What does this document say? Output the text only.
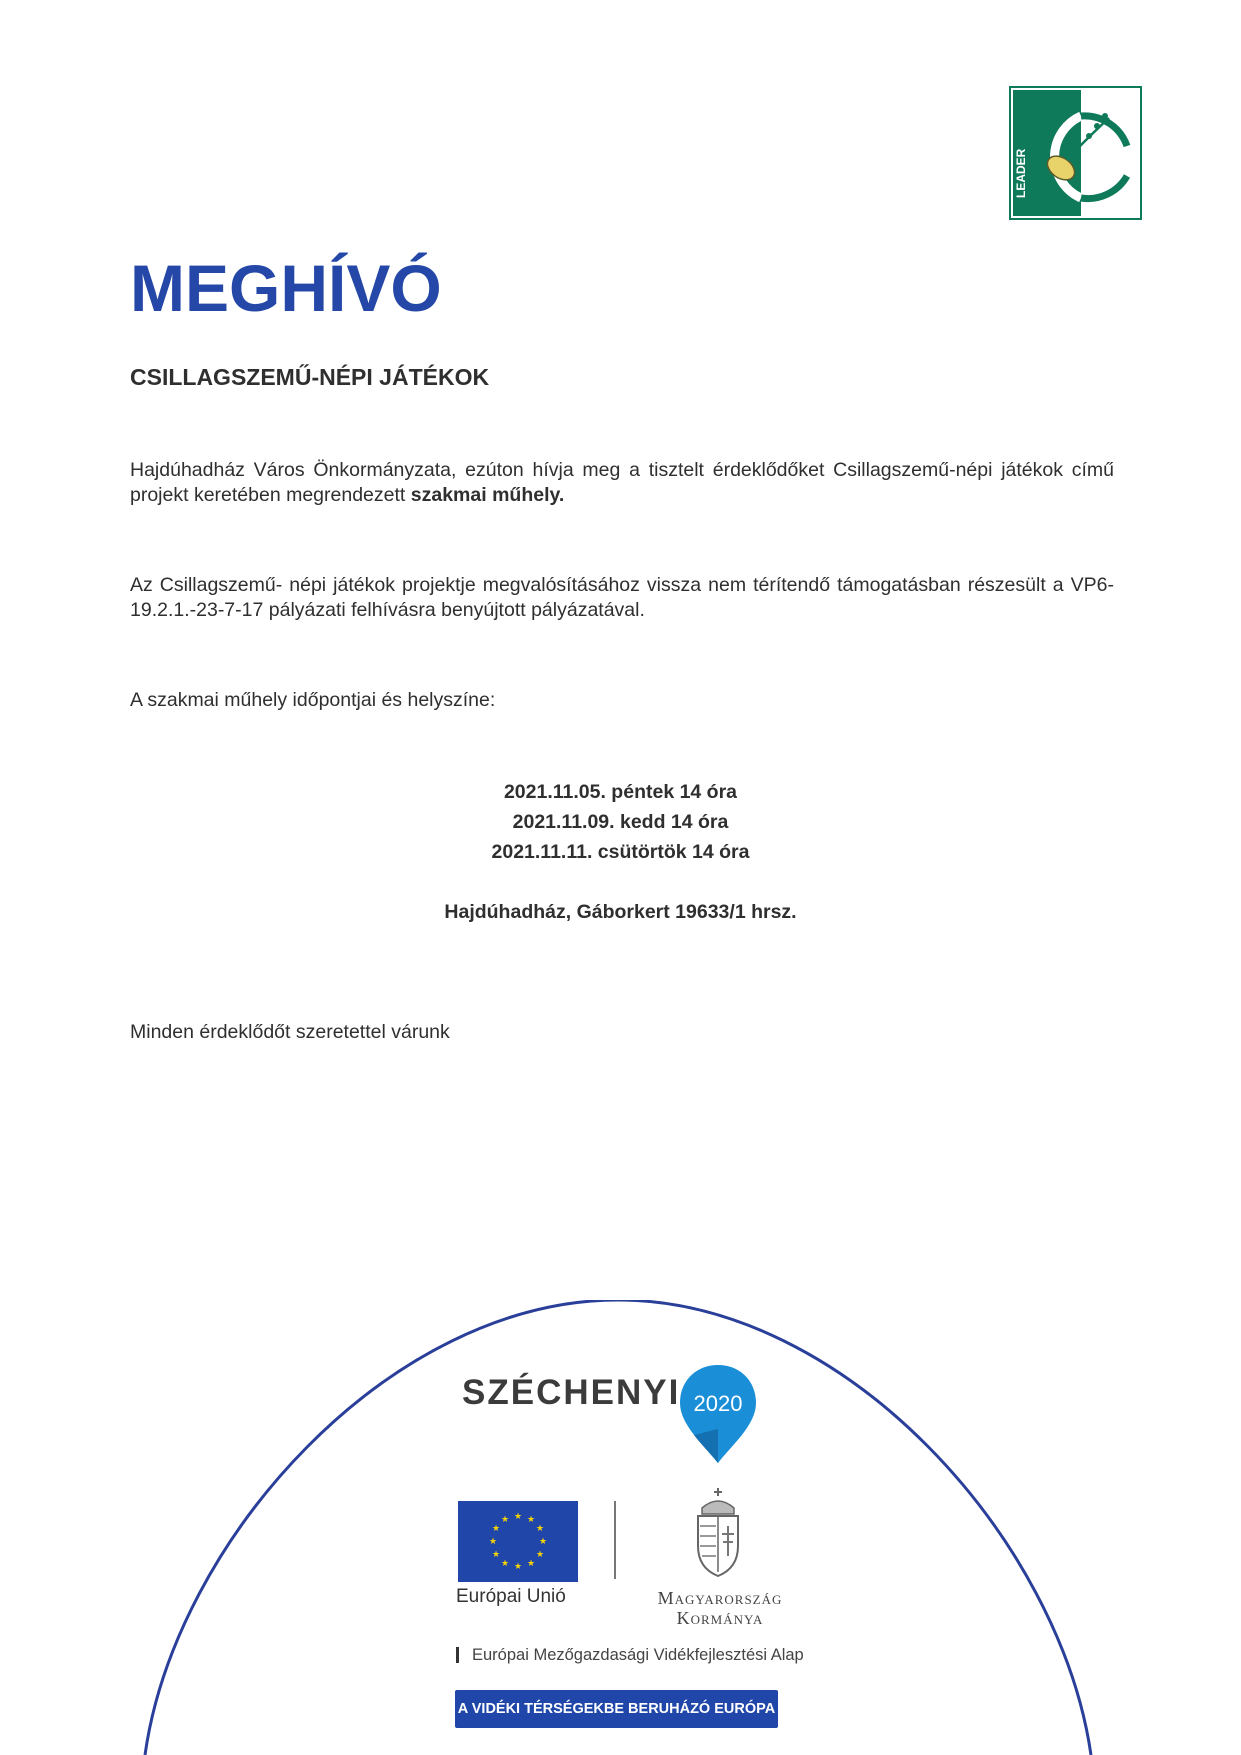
LEADER
MEGHÍVÓ
CSILLAGSZEMŰ-NÉPI JÁTÉKOK

Hajdúhadház Város Önkormányzata, ezúton hívja meg a tisztelt érdeklődőket Csillagszemű-népi játékok című projekt keretében megrendezett szakmai műhely.

Az Csillagszemű- népi játékok projektje megvalósításához vissza nem térítendő támogatásban részesült a VP6-19.2.1.-23-7-17 pályázati felhívásra benyújtott pályázatával.

A szakmai műhely időpontjai és helyszíne:

2021.11.05. péntek 14 óra

2021.11.09. kedd 14 óra

2021.11.11. csütörtök 14 óra

Hajdúhadház, Gáborkert 19633/1 hrsz.

Minden érdeklődőt szeretettel várunk

SZÉCHENYI 2020
★ ★
★
★
★
★
★
★
★
★
★
★
Európai Unió	Magyarország
Kormánya
Európai Mezőgazdasági Vidékfejlesztési Alap
A VIDÉKI TÉRSÉGEKBE BERUHÁZÓ EURÓPA
